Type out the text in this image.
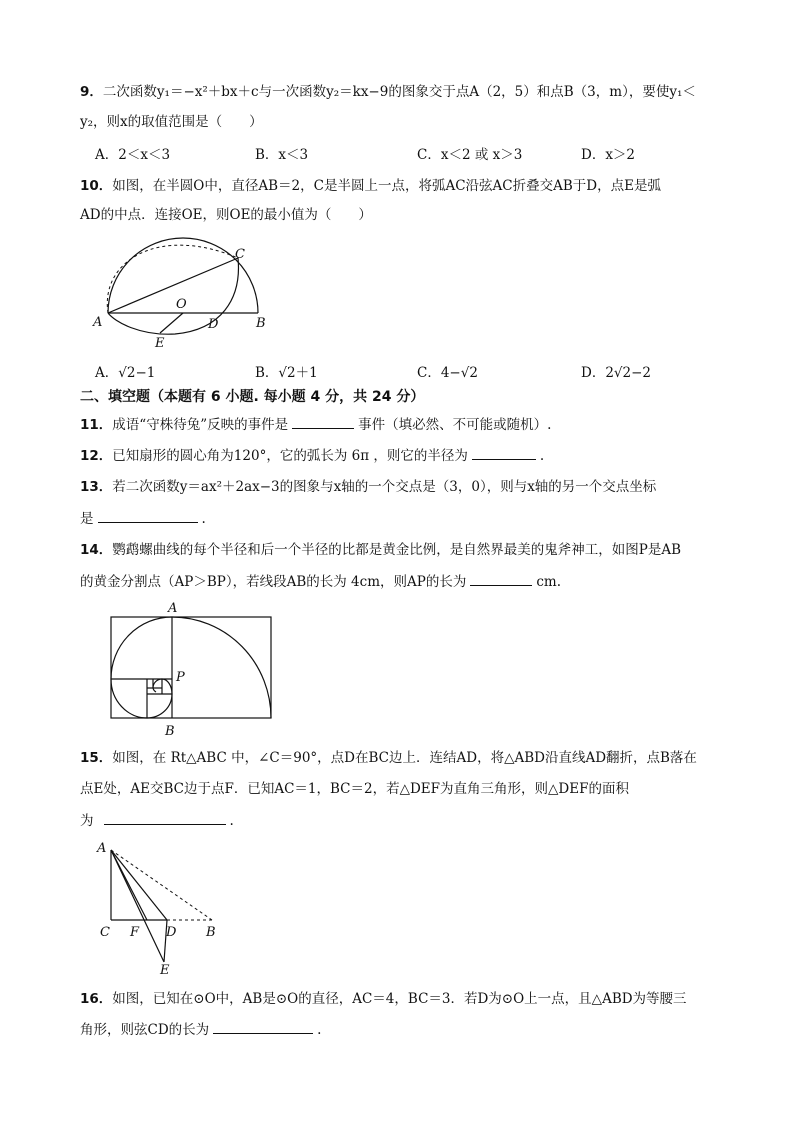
9．二次函数y₁＝−x²＋bx＋c与一次函数y₂＝kx−9的图象交于点A（2，5）和点B（3，m），要使y₁＜
y₂，则x的取值范围是（　　）
A．2＜x＜3	B．x＜3	C．x＜2 或 x＞3	D．x＞2
10．如图，在半圆O中，直径AB＝2，C是半圆上一点，将弧AC沿弦AC折叠交AB于D，点E是弧
AD的中点．连接OE，则OE的最小值为（　　）
A	B
C
O
D
E
A．√2−1	B．√2＋1	C．4−√2	D．2√2−2
二、填空题（本题有 6 小题. 每小题 4 分，共 24 分）
11．成语“守株待兔”反映的事件是	事件（填必然、不可能或随机）.
12．已知扇形的圆心角为120°，它的弧长为 6π ，则它的半径为	.
13．若二次函数y＝ax²＋2ax−3的图象与x轴的一个交点是（3，0），则与x轴的另一个交点坐标
是	.
14．鹦鹉螺曲线的每个半径和后一个半径的比都是黄金比例，是自然界最美的鬼斧神工，如图P是AB
的黄金分割点（AP＞BP），若线段AB的长为 4cm，则AP的长为	cm.
A
P
B
15．如图，在 Rt△ABC 中，∠C＝90°，点D在BC边上．连结AD，将△ABD沿直线AD翻折，点B落在
点E处，AE交BC边于点F．已知AC＝1，BC＝2，若△DEF为直角三角形，则△DEF的面积
为	.
A
C F D B
E
16．如图，已知在⊙O中，AB是⊙O的直径，AC＝4，BC＝3．若D为⊙O上一点，且△ABD为等腰三
角形，则弦CD的长为	.
